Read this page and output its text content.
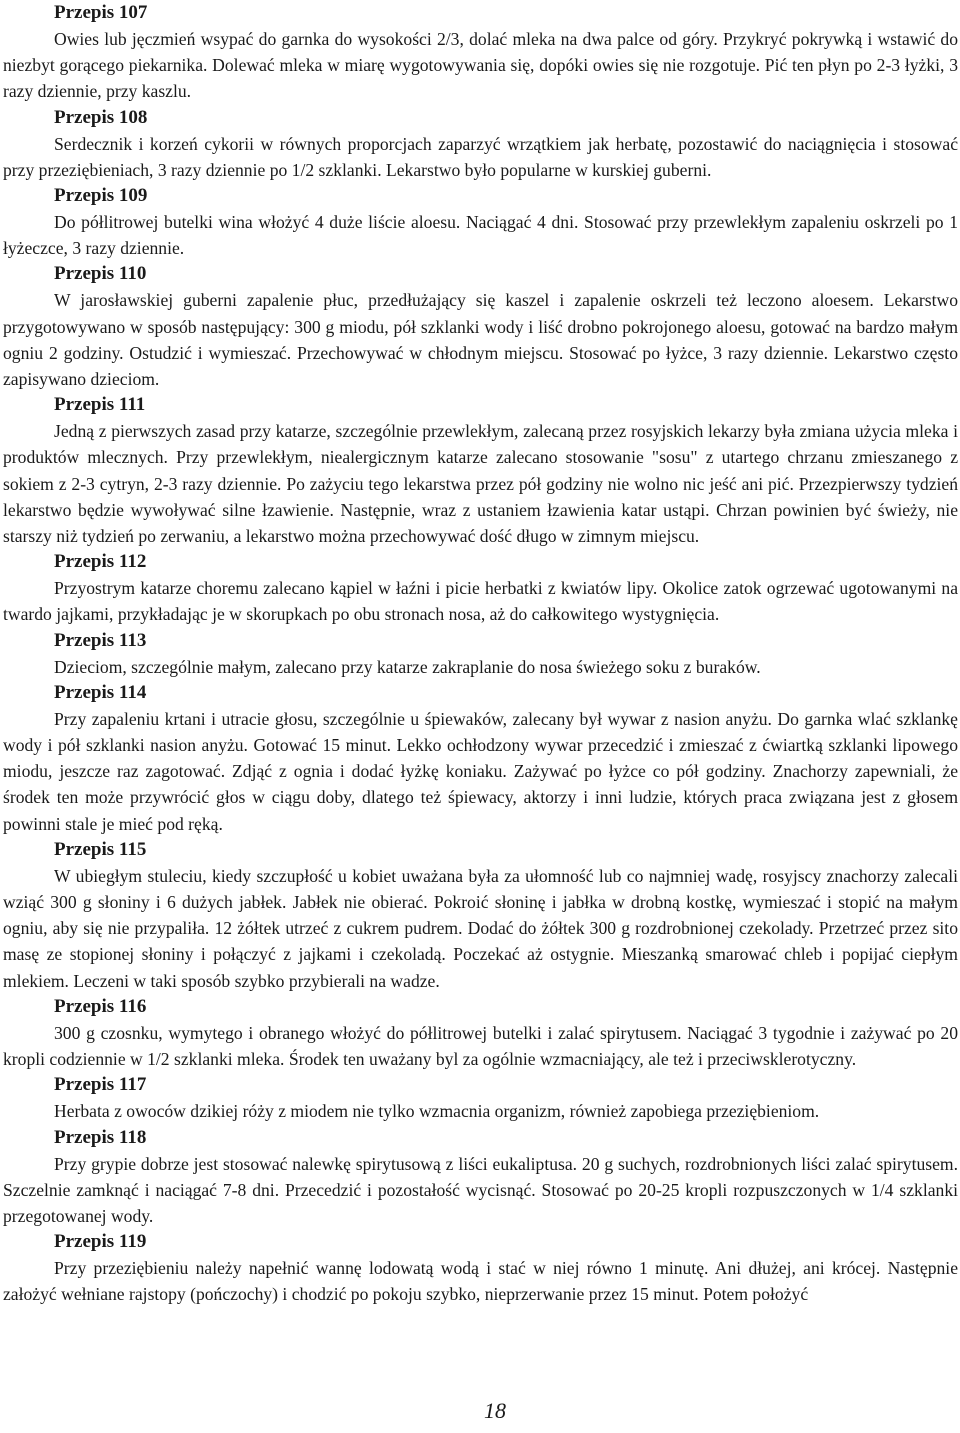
Przepis 107

Owies lub jęczmień wsypać do garnka do wysokości 2/3, dolać mleka na dwa palce od góry. Przykryć pokrywką i wstawić do niezbyt gorącego piekarnika. Dolewać mleka w miarę wygotowywania się, dopóki owies się nie rozgotuje. Pić ten płyn po 2-3 łyżki, 3 razy dziennie, przy kaszlu.

Przepis 108

Serdecznik i korzeń cykorii w równych proporcjach zaparzyć wrzątkiem jak herbatę, pozostawić do naciągnięcia i stosować przy przeziębieniach, 3 razy dziennie po 1/2 szklanki. Lekarstwo było popularne w kurskiej guberni.

Przepis 109

Do półlitrowej butelki wina włożyć 4 duże liście aloesu. Naciągać 4 dni. Stosować przy przewlekłym zapaleniu oskrzeli po 1 łyżeczce, 3 razy dziennie.

Przepis 110

W jarosławskiej guberni zapalenie płuc, przedłużający się kaszel i zapalenie oskrzeli też leczono aloesem. Lekarstwo przygotowywano w sposób następujący: 300 g miodu, pół szklanki wody i liść drobno pokrojonego aloesu, gotować na bardzo małym ogniu 2 godziny. Ostudzić i wymieszać. Przechowywać w chłodnym miejscu. Stosować po łyżce, 3 razy dziennie. Lekarstwo często zapisywano dzieciom.

Przepis 111

Jedną z pierwszych zasad przy katarze, szczególnie przewlekłym, zalecaną przez rosyjskich lekarzy była zmiana użycia mleka i produktów mlecznych. Przy przewlekłym, niealergicznym katarze zalecano stosowanie "sosu" z utartego chrzanu zmieszanego z sokiem z 2-3 cytryn, 2-3 razy dziennie. Po zażyciu tego lekarstwa przez pół godziny nie wolno nic jeść ani pić. Przezpierwszy tydzień lekarstwo będzie wywoływać silne łzawienie. Następnie, wraz z ustaniem łzawienia katar ustąpi. Chrzan powinien być świeży, nie starszy niż tydzień po zerwaniu, a lekarstwo można przechowywać dość długo w zimnym miejscu.

Przepis 112

Przyostrym katarze choremu zalecano kąpiel w łaźni i picie herbatki z kwiatów lipy. Okolice zatok ogrzewać ugotowanymi na twardo jajkami, przykładając je w skorupkach po obu stronach nosa, aż do całkowitego wystygnięcia.

Przepis 113

Dzieciom, szczególnie małym, zalecano przy katarze zakraplanie do nosa świeżego soku z buraków.

Przepis 114

Przy zapaleniu krtani i utracie głosu, szczególnie u śpiewaków, zalecany był wywar z nasion anyżu. Do garnka wlać szklankę wody i pół szklanki nasion anyżu. Gotować 15 minut. Lekko ochłodzony wywar przecedzić i zmieszać z ćwiartką szklanki lipowego miodu, jeszcze raz zagotować. Zdjąć z ognia i dodać łyżkę koniaku. Zażywać po łyżce co pół godziny. Znachorzy zapewniali, że środek ten może przywrócić głos w ciągu doby, dlatego też śpiewacy, aktorzy i inni ludzie, których praca związana jest z głosem powinni stale je mieć pod ręką.

Przepis 115

W ubiegłym stuleciu, kiedy szczupłość u kobiet uważana była za ułomność lub co najmniej wadę, rosyjscy znachorzy zalecali wziąć 300 g słoniny i 6 dużych jabłek. Jabłek nie obierać. Pokroić słoninę i jabłka w drobną kostkę, wymieszać i stopić na małym ogniu, aby się nie przypaliła. 12 żółtek utrzeć z cukrem pudrem. Dodać do żółtek 300 g rozdrobnionej czekolady. Przetrzeć przez sito masę ze stopionej słoniny i połączyć z jajkami i czekoladą. Poczekać aż ostygnie. Mieszanką smarować chleb i popijać ciepłym mlekiem. Leczeni w taki sposób szybko przybierali na wadze.

Przepis 116

300 g czosnku, wymytego i obranego włożyć do półlitrowej butelki i zalać spirytusem. Naciągać 3 tygodnie i zażywać po 20 kropli codziennie w 1/2 szklanki mleka. Środek ten uważany byl za ogólnie wzmacniający, ale też i przeciwsklerotyczny.

Przepis 117

Herbata z owoców dzikiej róży z miodem nie tylko wzmacnia organizm, również zapobiega przeziębieniom.

Przepis 118

Przy grypie dobrze jest stosować nalewkę spirytusową z liści eukaliptusa. 20 g suchych, rozdrobnionych liści zalać spirytusem. Szczelnie zamknąć i naciągać 7-8 dni. Przecedzić i pozostałość wycisnąć. Stosować po 20-25 kropli rozpuszczonych w 1/4 szklanki przegotowanej wody.

Przepis 119

Przy przeziębieniu należy napełnić wannę lodowatą wodą i stać w niej równo 1 minutę. Ani dłużej, ani krócej. Następnie założyć wełniane rajstopy (pończochy) i chodzić po pokoju szybko, nieprzerwanie przez 15 minut. Potem położyć

18
